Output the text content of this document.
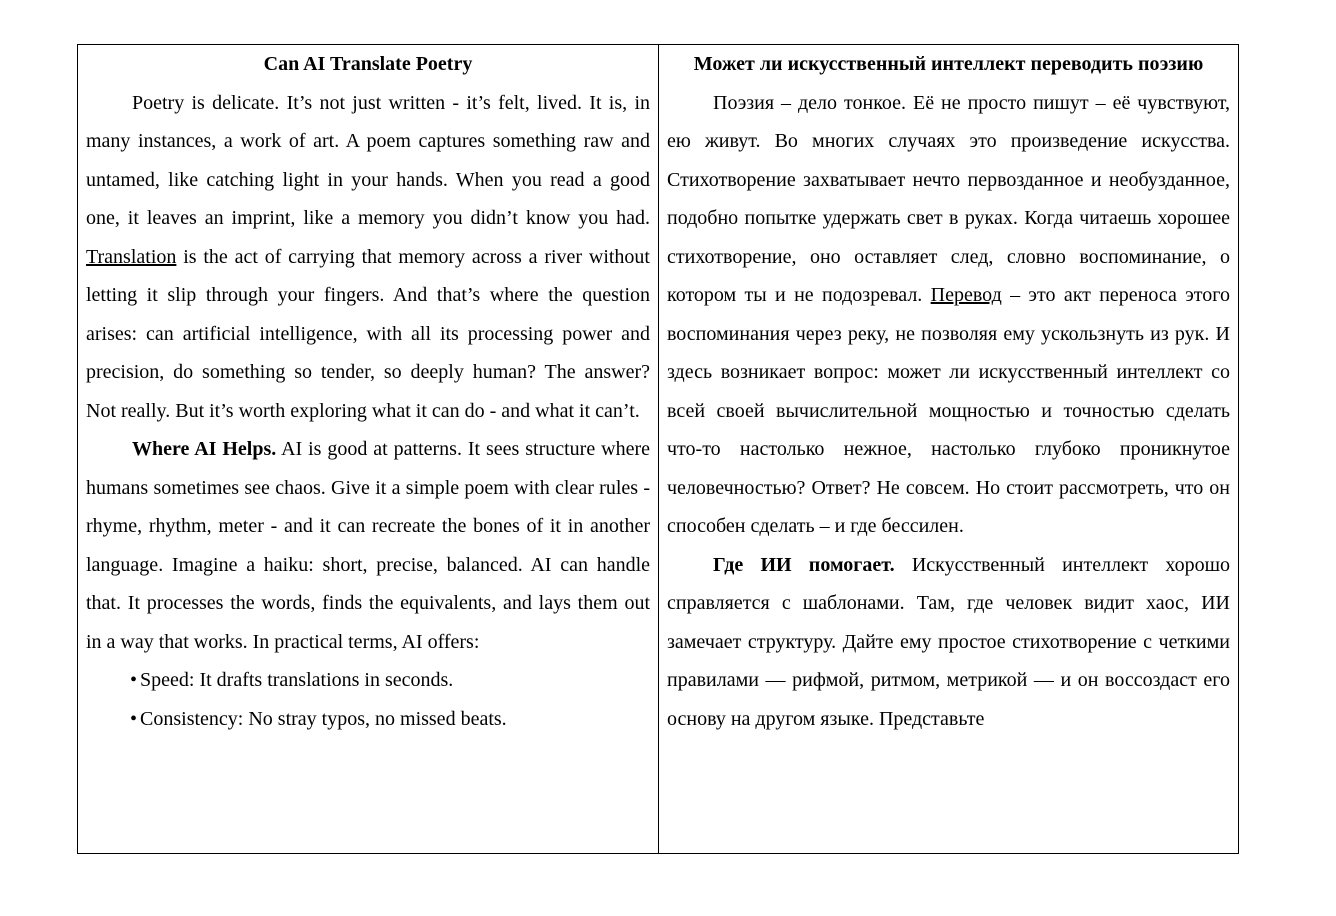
Can AI Translate Poetry

Poetry is delicate. It’s not just written - it’s felt, lived. It is, in many instances, a work of art. A poem captures something raw and untamed, like catching light in your hands. When you read a good one, it leaves an imprint, like a memory you didn’t know you had. Translation is the act of carrying that memory across a river without letting it slip through your fingers. And that’s where the question arises: can artificial intelligence, with all its processing power and precision, do something so tender, so deeply human? The answer? Not really. But it’s worth exploring what it can do - and what it can’t.

Where AI Helps. AI is good at patterns. It sees structure where humans sometimes see chaos. Give it a simple poem with clear rules - rhyme, rhythm, meter - and it can recreate the bones of it in another language. Imagine a haiku: short, precise, balanced. AI can handle that. It processes the words, finds the equivalents, and lays them out in a way that works. In practical terms, AI offers:

• Speed: It drafts translations in seconds.
• Consistency: No stray typos, no missed beats.

Может ли искусственный интеллект переводить поэзию

Поэзия – дело тонкое. Её не просто пишут – её чувствуют, ею живут. Во многих случаях это произведение искусства. Стихотворение захватывает нечто первозданное и необузданное, подобно попытке удержать свет в руках. Когда читаешь хорошее стихотворение, оно оставляет след, словно воспоминание, о котором ты и не подозревал. Перевод – это акт переноса этого воспоминания через реку, не позволяя ему ускользнуть из рук. И здесь возникает вопрос: может ли искусственный интеллект со всей своей вычислительной мощностью и точностью сделать что-то настолько нежное, настолько глубоко проникнутое человечностью? Ответ? Не совсем. Но стоит рассмотреть, что он способен сделать – и где бессилен.

Где ИИ помогает. Искусственный интеллект хорошо справляется с шаблонами. Там, где человек видит хаос, ИИ замечает структуру. Дайте ему простое стихотворение с четкими правилами — рифмой, ритмом, метрикой — и он воссоздаст его основу на другом языке. Представьте
